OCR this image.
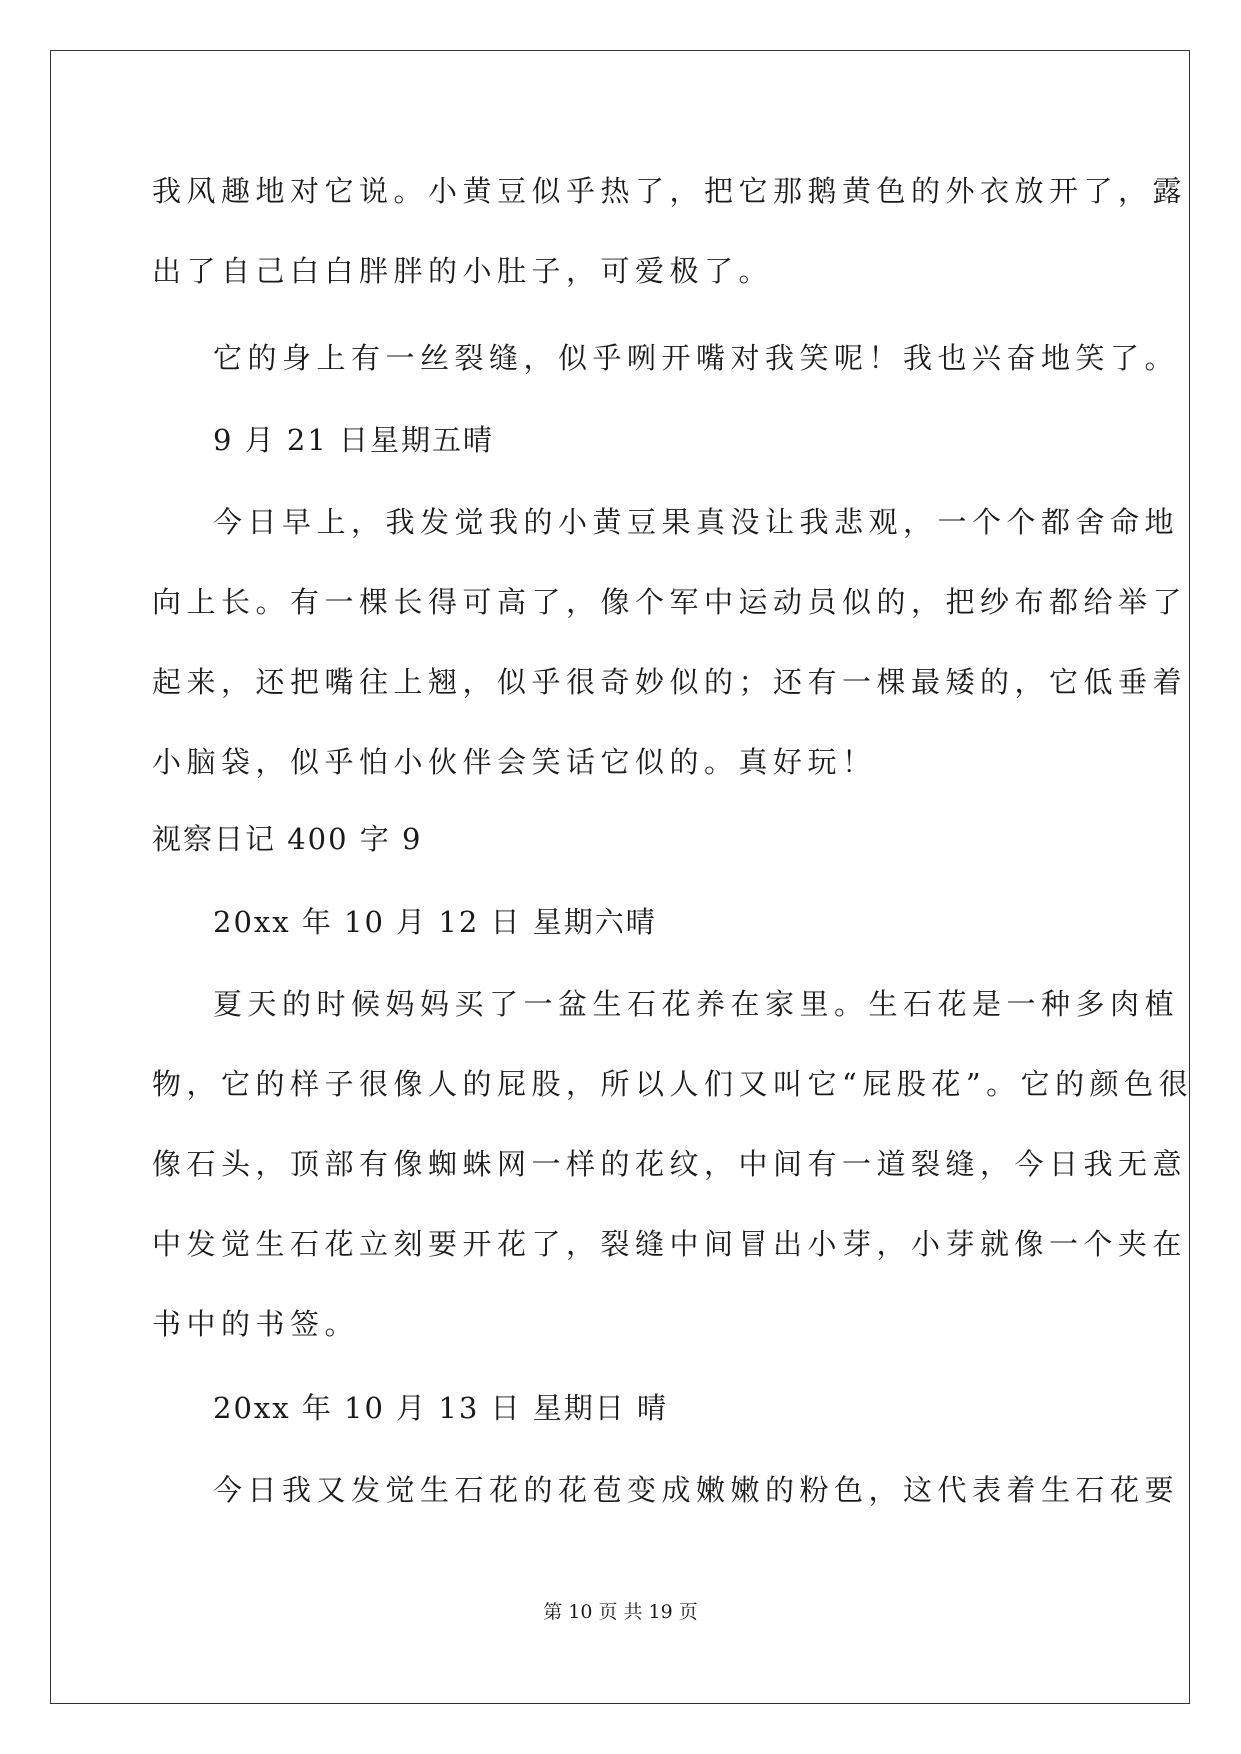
我风趣地对它说。小黄豆似乎热了，把它那鹅黄色的外衣放开了，露
出了自己白白胖胖的小肚子，可爱极了。
它的身上有一丝裂缝，似乎咧开嘴对我笑呢！我也兴奋地笑了。
9 月 21 日星期五晴
今日早上，我发觉我的小黄豆果真没让我悲观，一个个都舍命地
向上长。有一棵长得可高了，像个军中运动员似的，把纱布都给举了
起来，还把嘴往上翘，似乎很奇妙似的；还有一棵最矮的，它低垂着
小脑袋，似乎怕小伙伴会笑话它似的。真好玩！
视察日记 400 字 9
20xx 年 10 月 12 日 星期六晴
夏天的时候妈妈买了一盆生石花养在家里。生石花是一种多肉植
物，它的样子很像人的屁股，所以人们又叫它“屁股花”。它的颜色很
像石头，顶部有像蜘蛛网一样的花纹，中间有一道裂缝，今日我无意
中发觉生石花立刻要开花了，裂缝中间冒出小芽，小芽就像一个夹在
书中的书签。
20xx 年 10 月 13 日 星期日 晴
今日我又发觉生石花的花苞变成嫩嫩的粉色，这代表着生石花要
第 10 页 共 19 页
